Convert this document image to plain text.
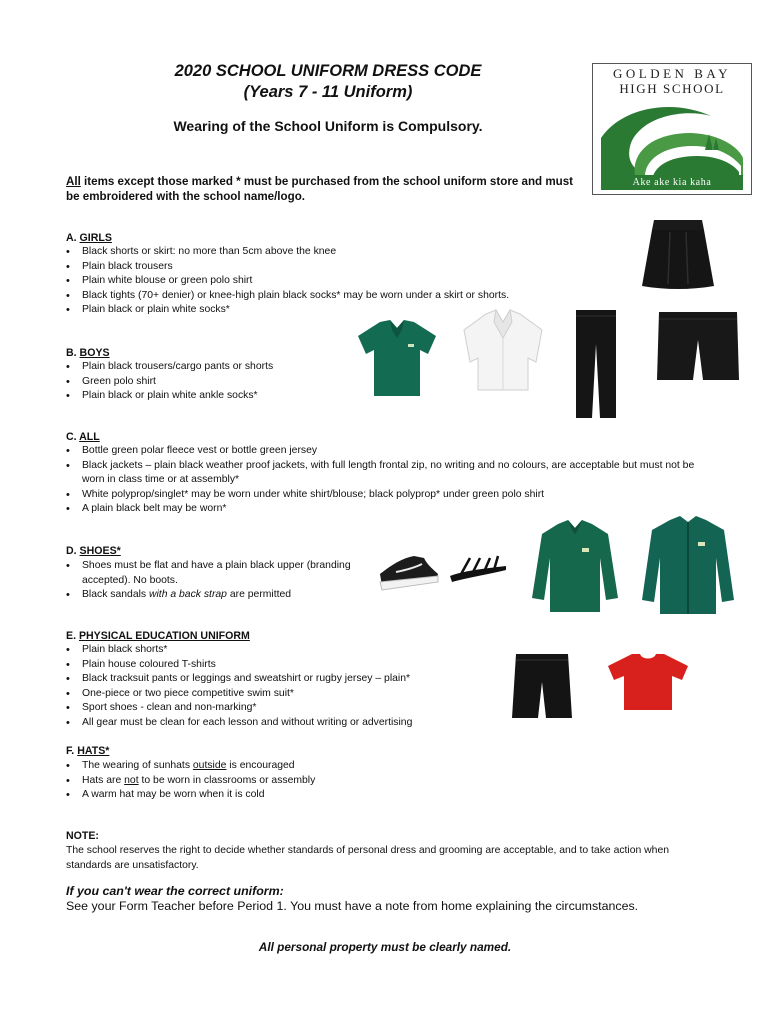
2020 SCHOOL UNIFORM DRESS CODE
(Years 7 - 11 Uniform)
Wearing of the School Uniform is Compulsory.
GOLDEN BAY
HIGH SCHOOL
Ake ake kia kaha
All items except those marked * must be purchased from the school uniform store and must be embroidered with the school name/logo.
A. GIRLS
• Black shorts or skirt: no more than 5cm above the knee
• Plain black trousers
• Plain white blouse or green polo shirt
• Black tights (70+ denier) or knee-high plain black socks* may be worn under a skirt or shorts.
• Plain black or plain white socks*
B. BOYS
• Plain black trousers/cargo pants or shorts
• Green polo shirt
• Plain black or plain white ankle socks*
C. ALL
• Bottle green polar fleece vest or bottle green jersey
• Black jackets – plain black weather proof jackets, with full length frontal zip, no writing and no colours, are acceptable but must not be worn in class time or at assembly*
• White polyprop/singlet* may be worn under white shirt/blouse; black polyprop* under green polo shirt
• A plain black belt may be worn*
D. SHOES*
• Shoes must be flat and have a plain black upper (branding accepted). No boots.
• Black sandals with a back strap are permitted
E. PHYSICAL EDUCATION UNIFORM
• Plain black shorts*
• Plain house coloured T-shirts
• Black tracksuit pants or leggings and sweatshirt or rugby jersey – plain*
• One-piece or two piece competitive swim suit*
• Sport shoes - clean and non-marking*
• All gear must be clean for each lesson and without writing or advertising
F. HATS*
• The wearing of sunhats outside is encouraged
• Hats are not to be worn in classrooms or assembly
• A warm hat may be worn when it is cold
NOTE:
The school reserves the right to decide whether standards of personal dress and grooming are acceptable, and to take action when standards are unsatisfactory.
If you can't wear the correct uniform:
See your Form Teacher before Period 1. You must have a note from home explaining the circumstances.
All personal property must be clearly named.
